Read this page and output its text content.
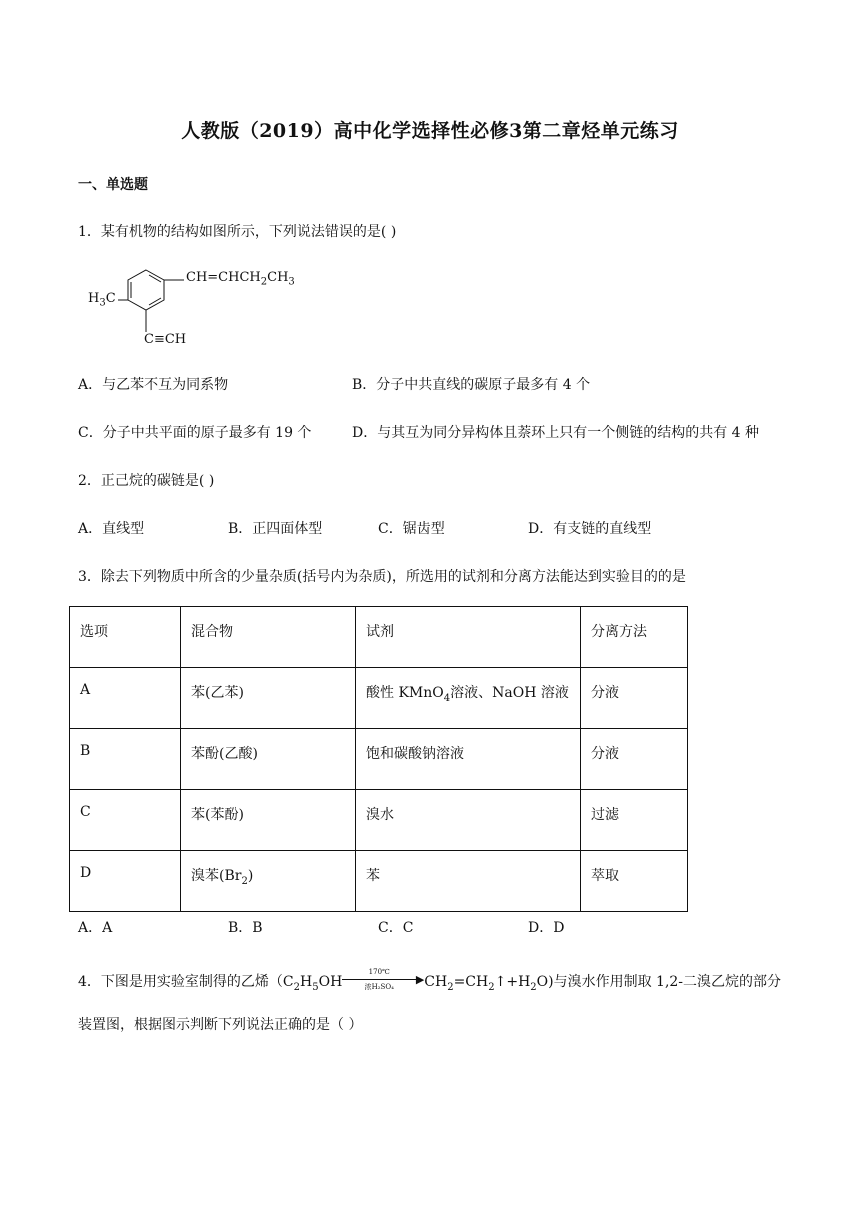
人教版（2019）高中化学选择性必修3第二章烃单元练习
一、单选题
1．某有机物的结构如图所示，下列说法错误的是( )
$CH=CHCH_2CH_3$
$H_3C$
C≡CH
A．与乙苯不互为同系物	B．分子中共直线的碳原子最多有 4 个
C．分子中共平面的原子最多有 19 个	D．与其互为同分异构体且萘环上只有一个侧链的结构的共有 4 种
2．正己烷的碳链是( )
A．直线型	B．正四面体型	C．锯齿型	D．有支链的直线型
3．除去下列物质中所含的少量杂质(括号内为杂质)，所选用的试剂和分离方法能达到实验目的的是
选项	混合物	试剂	分离方法
A	苯(乙苯)	酸性 KMnO$_4$溶液、NaOH 溶液	分液
B	苯酚(乙酸)	饱和碳酸钠溶液	分液
C	苯(苯酚)	溴水	过滤
D	溴苯$(Br_2)$	苯	萃取
A．A	B．B	C．C	D．D
4．下图是用实验室制得的乙烯（$C_2H_5OH$
170℃
▶
浓H₂SO₄	$CH_2=CH_2↑+H_2O$)与溴水作用制取 1,2-二溴乙烷的部分
装置图，根据图示判断下列说法正确的是（ ）
